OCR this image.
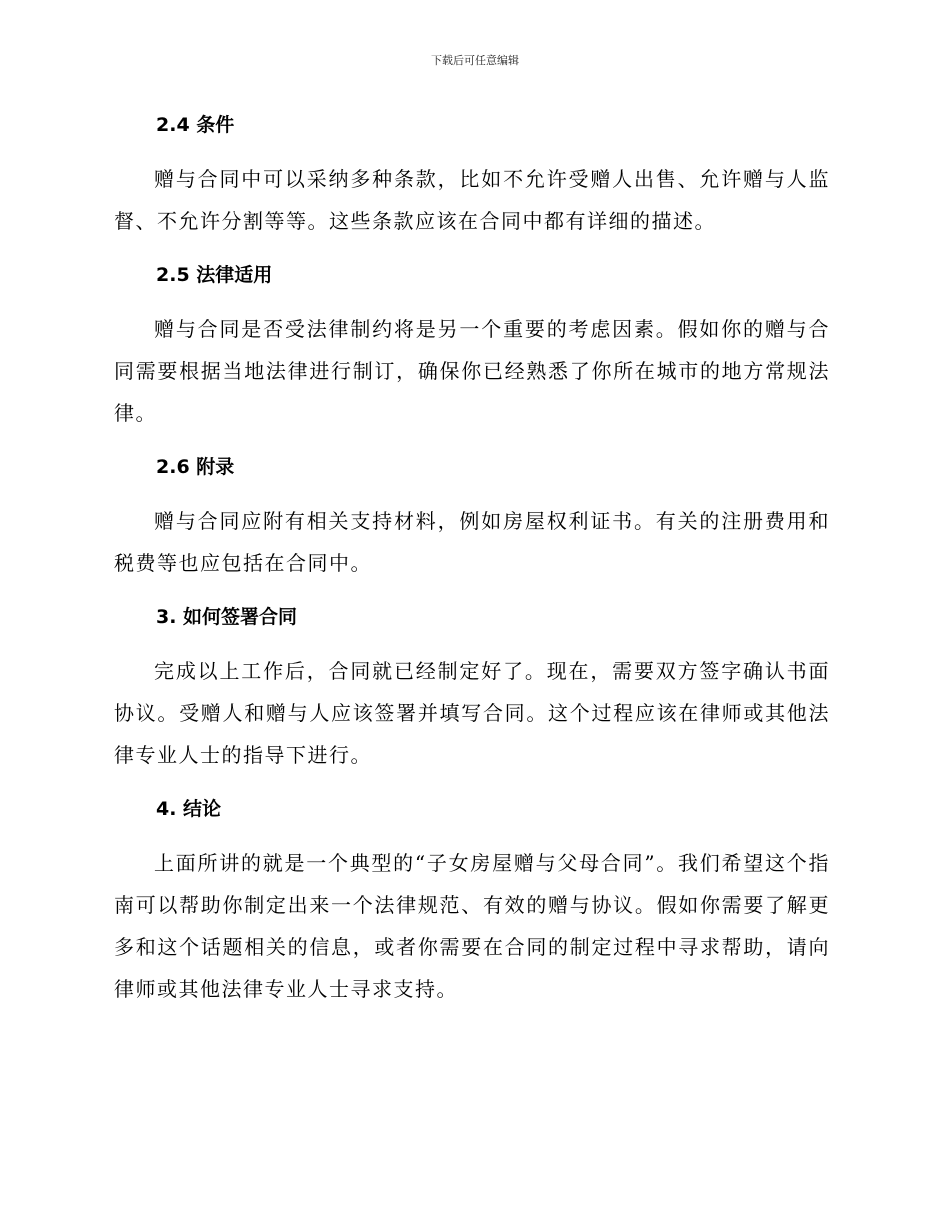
下载后可任意编辑
2.4 条件
赠与合同中可以采纳多种条款，比如不允许受赠人出售、允许赠与人监督、不允许分割等等。这些条款应该在合同中都有详细的描述。
2.5 法律适用
赠与合同是否受法律制约将是另一个重要的考虑因素。假如你的赠与合同需要根据当地法律进行制订，确保你已经熟悉了你所在城市的地方常规法律。
2.6 附录
赠与合同应附有相关支持材料，例如房屋权利证书。有关的注册费用和税费等也应包括在合同中。
3. 如何签署合同
完成以上工作后，合同就已经制定好了。现在，需要双方签字确认书面协议。受赠人和赠与人应该签署并填写合同。这个过程应该在律师或其他法律专业人士的指导下进行。
4. 结论
上面所讲的就是一个典型的“子女房屋赠与父母合同”。我们希望这个指南可以帮助你制定出来一个法律规范、有效的赠与协议。假如你需要了解更多和这个话题相关的信息，或者你需要在合同的制定过程中寻求帮助，请向律师或其他法律专业人士寻求支持。
